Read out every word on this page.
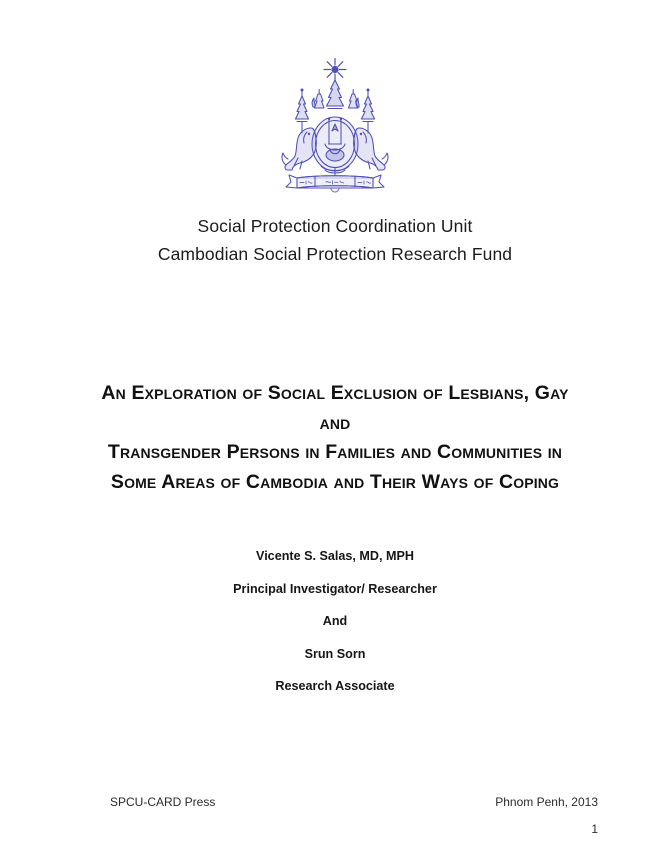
Social Protection Coordination Unit
Cambodian Social Protection Research Fund
An Exploration of Social Exclusion of Lesbians, Gay and
Transgender Persons in Families and Communities in
Some Areas of Cambodia and Their Ways of Coping
Vicente S. Salas, MD, MPH
Principal Investigator/ Researcher
And
Srun Sorn
Research Associate
SPCU-CARD Press	Phnom Penh, 2013
1
